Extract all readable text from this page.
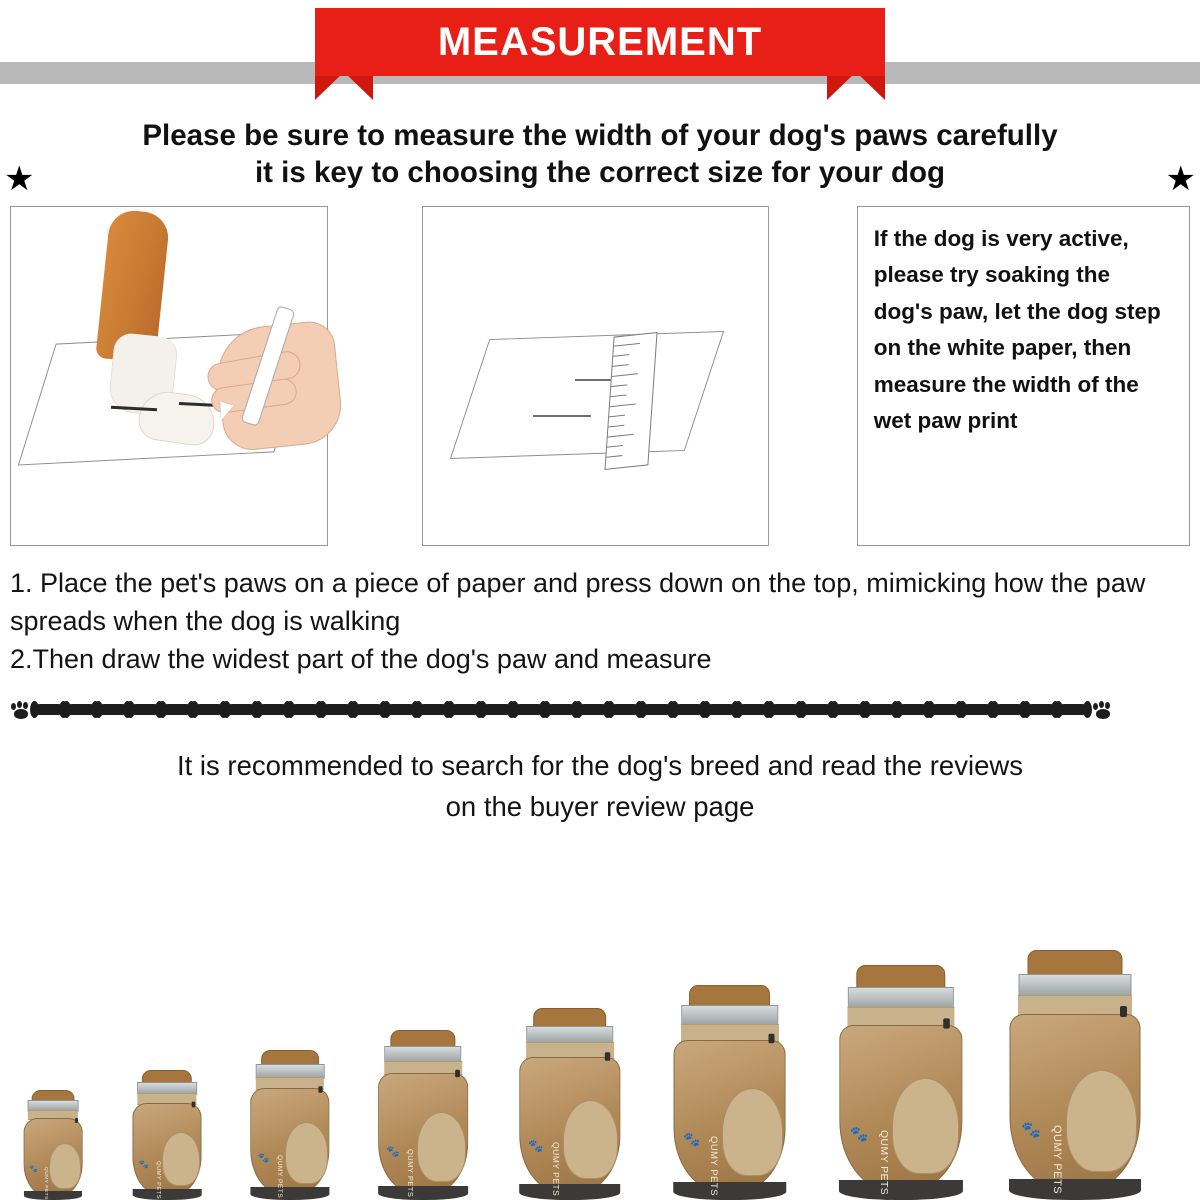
MEASUREMENT
★	★
Please be sure to measure the width of your dog's paws carefully
it is key to choosing the correct size for your dog

If the dog is very active, please try soaking the dog's paw, let the dog step on the white paper, then measure the width of the wet paw print

1. Place the pet's paws on a piece of paper and press down on the top, mimicking how the paw spreads when the dog is walking

2.Then draw the widest part of the dog's paw and measure

It is recommended to search for the dog's breed and read the reviews
on the buyer review page
🐾 QUMY PETS
🐾 QUMY PETS
🐾 QUMY PETS
🐾 QUMY PETS
🐾 QUMY PETS
🐾 QUMY PETS
🐾 QUMY PETS	🐾 QUMY PETS
